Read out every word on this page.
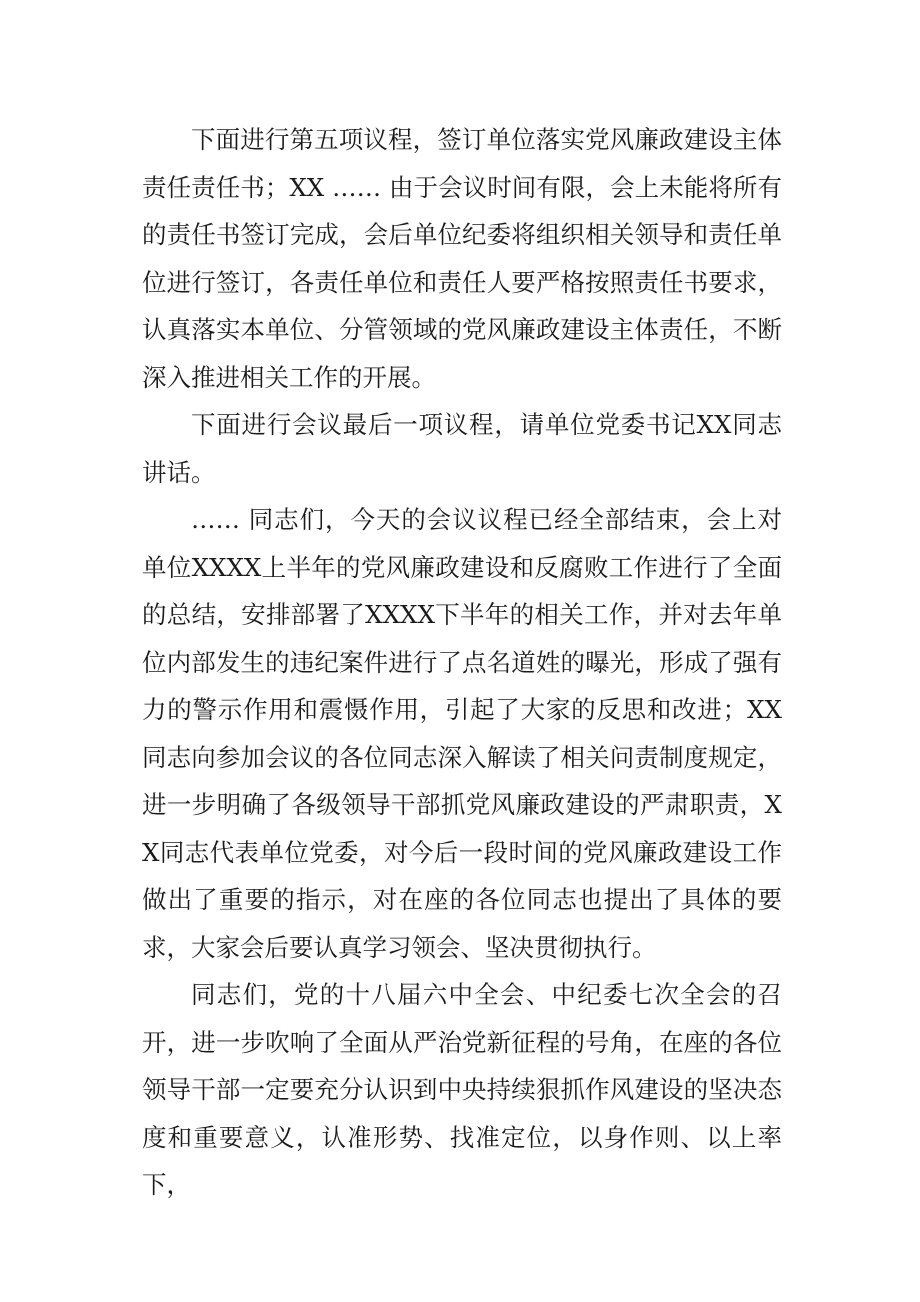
下面进行第五项议程，签订单位落实党风廉政建设主体责任责任书；XX …… 由于会议时间有限，会上未能将所有的责任书签订完成，会后单位纪委将组织相关领导和责任单位进行签订，各责任单位和责任人要严格按照责任书要求，认真落实本单位、分管领域的党风廉政建设主体责任，不断深入推进相关工作的开展。

下面进行会议最后一项议程，请单位党委书记XX同志讲话。

…… 同志们，今天的会议议程已经全部结束，会上对单位XXXX上半年的党风廉政建设和反腐败工作进行了全面的总结，安排部署了XXXX下半年的相关工作，并对去年单位内部发生的违纪案件进行了点名道姓的曝光，形成了强有力的警示作用和震慑作用，引起了大家的反思和改进；XX同志向参加会议的各位同志深入解读了相关问责制度规定，进一步明确了各级领导干部抓党风廉政建设的严肃职责，XX同志代表单位党委，对今后一段时间的党风廉政建设工作做出了重要的指示，对在座的各位同志也提出了具体的要求，大家会后要认真学习领会、坚决贯彻执行。

同志们，党的十八届六中全会、中纪委七次全会的召开，进一步吹响了全面从严治党新征程的号角，在座的各位领导干部一定要充分认识到中央持续狠抓作风建设的坚决态度和重要意义，认准形势、找准定位，以身作则、以上率下，
